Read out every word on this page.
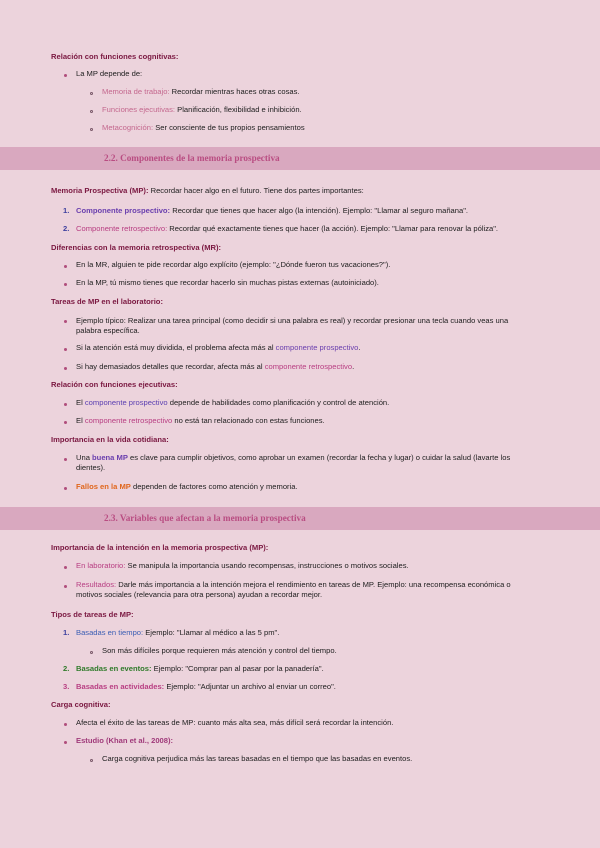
Relación con funciones cognitivas:
La MP depende de:
Memoria de trabajo: Recordar mientras haces otras cosas.
Funciones ejecutivas: Planificación, flexibilidad e inhibición.
Metacognición: Ser consciente de tus propios pensamientos
2.2. Componentes de la memoria prospectiva
Memoria Prospectiva (MP): Recordar hacer algo en el futuro. Tiene dos partes importantes:
1. Componente prospectivo: Recordar que tienes que hacer algo (la intención). Ejemplo: "Llamar al seguro mañana".
2. Componente retrospectivo: Recordar qué exactamente tienes que hacer (la acción). Ejemplo: "Llamar para renovar la póliza".
Diferencias con la memoria retrospectiva (MR):
En la MR, alguien te pide recordar algo explícito (ejemplo: "¿Dónde fueron tus vacaciones?").
En la MP, tú mismo tienes que recordar hacerlo sin muchas pistas externas (autoiniciado).
Tareas de MP en el laboratorio:
Ejemplo típico: Realizar una tarea principal (como decidir si una palabra es real) y recordar presionar una tecla cuando veas una
palabra específica.
Si la atención está muy dividida, el problema afecta más al componente prospectivo.
Si hay demasiados detalles que recordar, afecta más al componente retrospectivo.
Relación con funciones ejecutivas:
El componente prospectivo depende de habilidades como planificación y control de atención.
El componente retrospectivo no está tan relacionado con estas funciones.
Importancia en la vida cotidiana:
Una buena MP es clave para cumplir objetivos, como aprobar un examen (recordar la fecha y lugar) o cuidar la salud (lavarte los
dientes).
Fallos en la MP dependen de factores como atención y memoria.
2.3. Variables que afectan a la memoria prospectiva
Importancia de la intención en la memoria prospectiva (MP):
En laboratorio: Se manipula la importancia usando recompensas, instrucciones o motivos sociales.
Resultados: Darle más importancia a la intención mejora el rendimiento en tareas de MP. Ejemplo: una recompensa económica o
motivos sociales (relevancia para otra persona) ayudan a recordar mejor.
Tipos de tareas de MP:
1. Basadas en tiempo: Ejemplo: "Llamar al médico a las 5 pm".
Son más difíciles porque requieren más atención y control del tiempo.
2. Basadas en eventos: Ejemplo: "Comprar pan al pasar por la panadería".
3. Basadas en actividades: Ejemplo: "Adjuntar un archivo al enviar un correo".
Carga cognitiva:
Afecta el éxito de las tareas de MP: cuanto más alta sea, más difícil será recordar la intención.
Estudio (Khan et al., 2008):
Carga cognitiva perjudica más las tareas basadas en el tiempo que las basadas en eventos.
